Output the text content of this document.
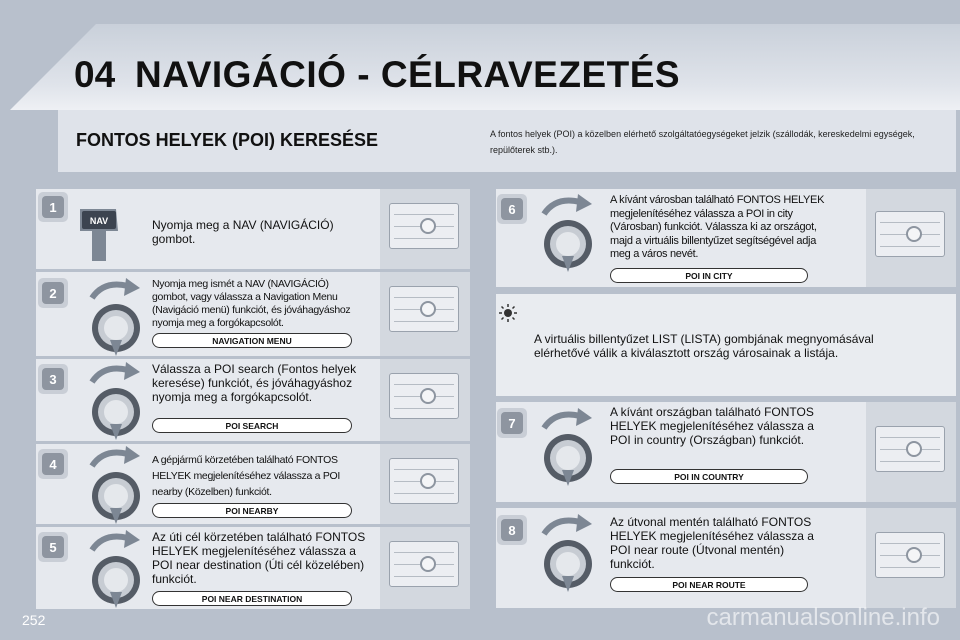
04 NAVIGÁCIÓ - CÉLRAVEZETÉS
FONTOS HELYEK (POI) KERESÉSE	A fontos helyek (POI) a közelben elérhető szolgáltatóegységeket jelzik (szállodák, kereskedelmi egységek, repülőterek stb.).
1
NAV	Nyomja meg a NAV (NAVIGÁCIÓ) gombot.
2
Nyomja meg ismét a NAV (NAVIGÁCIÓ) gombot, vagy válassza a Navigation Menu (Navigáció menü) funkciót, és jóváhagyáshoz nyomja meg a forgókapcsolót.
NAVIGATION MENU
3
Válassza a POI search (Fontos helyek keresése) funkciót, és jóváhagyáshoz nyomja meg a forgókapcsolót.
POI SEARCH
4	A gépjármű körzetében található FONTOS HELYEK megjelenítéséhez válassza a POI nearby (Közelben) funkciót.
POI NEARBY
5
Az úti cél körzetében található FONTOS HELYEK megjelenítéséhez válassza a POI near destination (Úti cél közelében) funkciót.
POI NEAR DESTINATION
6
A kívánt városban található FONTOS HELYEK megjelenítéséhez válassza a POI in city (Városban) funkciót. Válassza ki az országot, majd a virtuális billentyűzet segítségével adja meg a város nevét.
POI IN CITY
A virtuális billentyűzet LIST (LISTA) gombjának megnyomásával elérhetővé válik a kiválasztott ország városainak a listája.
7
A kívánt országban található FONTOS HELYEK megjelenítéséhez válassza a POI in country (Országban) funkciót.
POI IN COUNTRY
8
Az útvonal mentén található FONTOS HELYEK megjelenítéséhez válassza a POI near route (Útvonal mentén) funkciót.
POI NEAR ROUTE
252	carmanualsonline.info
